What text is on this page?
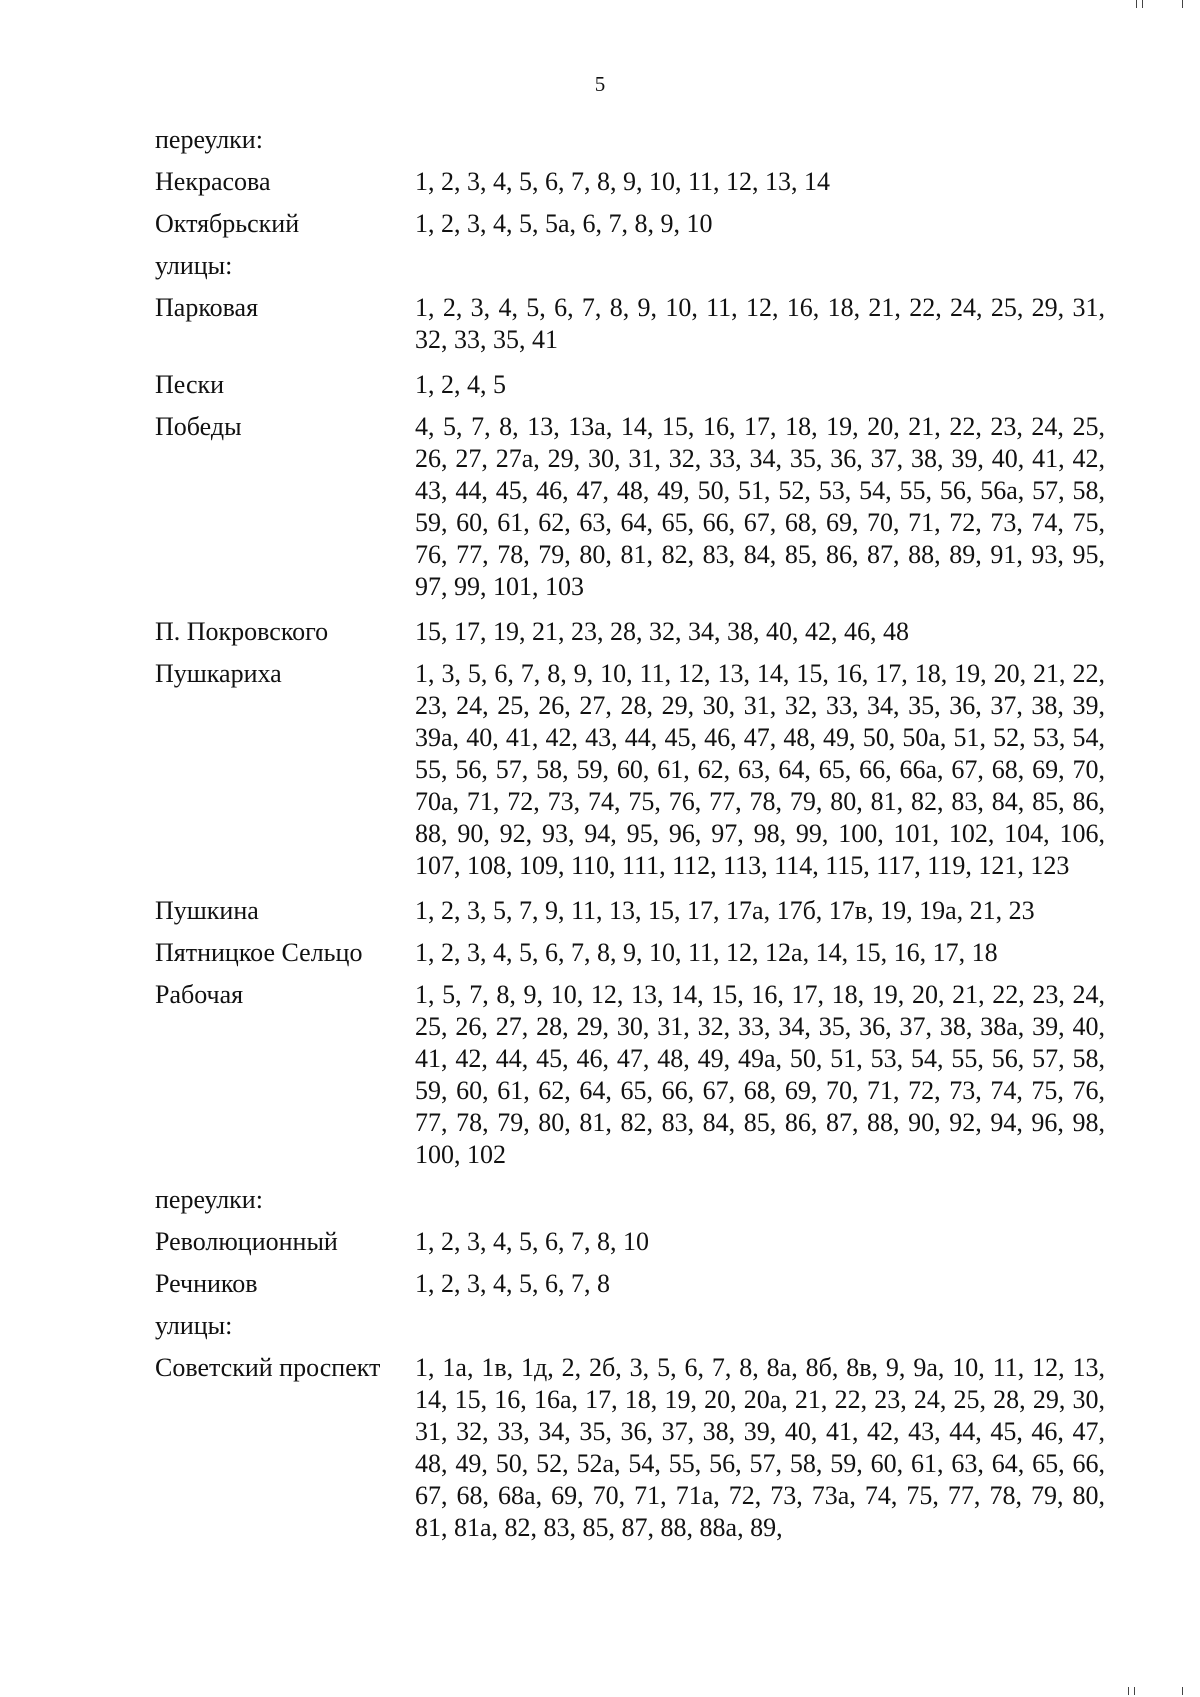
5
переулки:
Некрасова	1, 2, 3, 4, 5, 6, 7, 8, 9, 10, 11, 12, 13, 14
Октябрьский	1, 2, 3, 4, 5, 5а, 6, 7, 8, 9, 10
улицы:
Парковая	1, 2, 3, 4, 5, 6, 7, 8, 9, 10, 11, 12, 16, 18, 21, 22, 24, 25, 29, 31, 32, 33, 35, 41
Пески	1, 2, 4, 5
Победы	4, 5, 7, 8, 13, 13а, 14, 15, 16, 17, 18, 19, 20, 21, 22, 23, 24, 25, 26, 27, 27а, 29, 30, 31, 32, 33, 34, 35, 36, 37, 38, 39, 40, 41, 42, 43, 44, 45, 46, 47, 48, 49, 50, 51, 52, 53, 54, 55, 56, 56а, 57, 58, 59, 60, 61, 62, 63, 64, 65, 66, 67, 68, 69, 70, 71, 72, 73, 74, 75, 76, 77, 78, 79, 80, 81, 82, 83, 84, 85, 86, 87, 88, 89, 91, 93, 95, 97, 99, 101, 103
П. Покровского	15, 17, 19, 21, 23, 28, 32, 34, 38, 40, 42, 46, 48
Пушкариха	1, 3, 5, 6, 7, 8, 9, 10, 11, 12, 13, 14, 15, 16, 17, 18, 19, 20, 21, 22, 23, 24, 25, 26, 27, 28, 29, 30, 31, 32, 33, 34, 35, 36, 37, 38, 39, 39а, 40, 41, 42, 43, 44, 45, 46, 47, 48, 49, 50, 50а, 51, 52, 53, 54, 55, 56, 57, 58, 59, 60, 61, 62, 63, 64, 65, 66, 66а, 67, 68, 69, 70, 70а, 71, 72, 73, 74, 75, 76, 77, 78, 79, 80, 81, 82, 83, 84, 85, 86, 88, 90, 92, 93, 94, 95, 96, 97, 98, 99, 100, 101, 102, 104, 106, 107, 108, 109, 110, 111, 112, 113, 114, 115, 117, 119, 121, 123
Пушкина	1, 2, 3, 5, 7, 9, 11, 13, 15, 17, 17а, 17б, 17в, 19, 19а, 21, 23
Пятницкое Сельцо	1, 2, 3, 4, 5, 6, 7, 8, 9, 10, 11, 12, 12а, 14, 15, 16, 17, 18
Рабочая	1, 5, 7, 8, 9, 10, 12, 13, 14, 15, 16, 17, 18, 19, 20, 21, 22, 23, 24, 25, 26, 27, 28, 29, 30, 31, 32, 33, 34, 35, 36, 37, 38, 38а, 39, 40, 41, 42, 44, 45, 46, 47, 48, 49, 49а, 50, 51, 53, 54, 55, 56, 57, 58, 59, 60, 61, 62, 64, 65, 66, 67, 68, 69, 70, 71, 72, 73, 74, 75, 76, 77, 78, 79, 80, 81, 82, 83, 84, 85, 86, 87, 88, 90, 92, 94, 96, 98, 100, 102
переулки:
Революционный	1, 2, 3, 4, 5, 6, 7, 8, 10
Речников	1, 2, 3, 4, 5, 6, 7, 8
улицы:
Советский проспект	1, 1а, 1в, 1д, 2, 2б, 3, 5, 6, 7, 8, 8а, 8б, 8в, 9, 9а, 10, 11, 12, 13, 14, 15, 16, 16а, 17, 18, 19, 20, 20а, 21, 22, 23, 24, 25, 28, 29, 30, 31, 32, 33, 34, 35, 36, 37, 38, 39, 40, 41, 42, 43, 44, 45, 46, 47, 48, 49, 50, 52, 52а, 54, 55, 56, 57, 58, 59, 60, 61, 63, 64, 65, 66, 67, 68, 68а, 69, 70, 71, 71а, 72, 73, 73а, 74, 75, 77, 78, 79, 80, 81, 81а, 82, 83, 85, 87, 88, 88а, 89,
